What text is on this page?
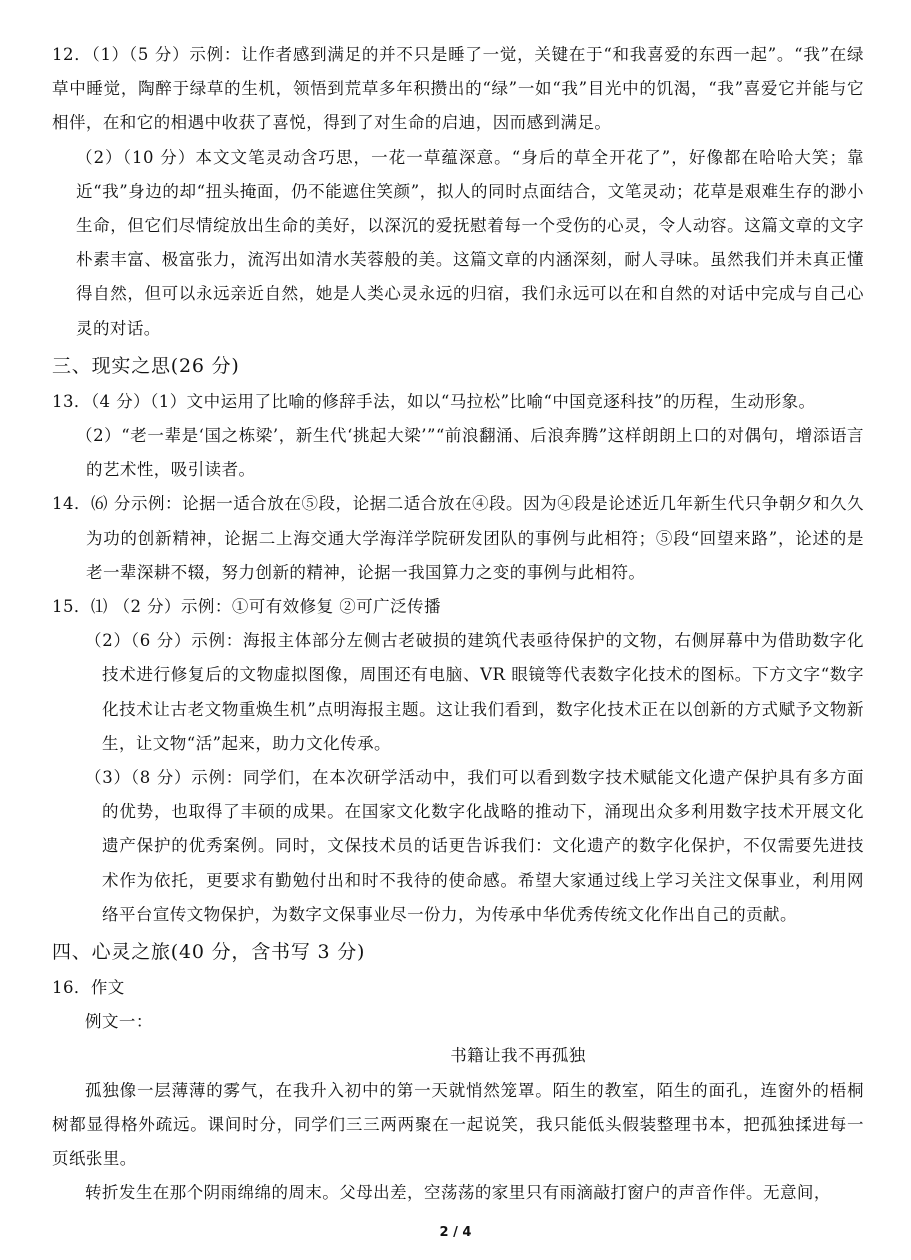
12．（1）（5 分）示例：让作者感到满足的并不只是睡了一觉，关键在于“和我喜爱的东西一起”。“我”在绿草中睡觉，陶醉于绿草的生机，领悟到荒草多年积攒出的“绿”一如“我”目光中的饥渴，“我”喜爱它并能与它相伴，在和它的相遇中收获了喜悦，得到了对生命的启迪，因而感到满足。

（2）（10 分）本文文笔灵动含巧思，一花一草蕴深意。“身后的草全开花了”，好像都在哈哈大笑；靠近“我”身边的却“扭头掩面，仍不能遮住笑颜”，拟人的同时点面结合，文笔灵动；花草是艰难生存的渺小生命，但它们尽情绽放出生命的美好，以深沉的爱抚慰着每一个受伤的心灵，令人动容。这篇文章的文字朴素丰富、极富张力，流泻出如清水芙蓉般的美。这篇文章的内涵深刻，耐人寻味。虽然我们并未真正懂得自然，但可以永远亲近自然，她是人类心灵永远的归宿，我们永远可以在和自然的对话中完成与自己心灵的对话。

三、现实之思(26 分)

13．（4 分）（1）文中运用了比喻的修辞手法，如以“马拉松”比喻“中国竞逐科技”的历程，生动形象。

（2）“老一辈是‘国之栋梁’，新生代‘挑起大梁’”“前浪翻涌、后浪奔腾”这样朗朗上口的对偶句，增添语言的艺术性，吸引读者。

14．⑹ 分示例：论据一适合放在⑤段，论据二适合放在④段。因为④段是论述近几年新生代只争朝夕和久久为功的创新精神，论据二上海交通大学海洋学院研发团队的事例与此相符；⑤段“回望来路”，论述的是老一辈深耕不辍，努力创新的精神，论据一我国算力之变的事例与此相符。

15．⑴ （2 分）示例：①可有效修复 ②可广泛传播

（2）（6 分）示例：海报主体部分左侧古老破损的建筑代表亟待保护的文物，右侧屏幕中为借助数字化技术进行修复后的文物虚拟图像，周围还有电脑、VR 眼镜等代表数字化技术的图标。下方文字“数字化技术让古老文物重焕生机”点明海报主题。这让我们看到，数字化技术正在以创新的方式赋予文物新生，让文物“活”起来，助力文化传承。

（3）（8 分）示例：同学们，在本次研学活动中，我们可以看到数字技术赋能文化遗产保护具有多方面的优势，也取得了丰硕的成果。在国家文化数字化战略的推动下，涌现出众多利用数字技术开展文化遗产保护的优秀案例。同时，文保技术员的话更告诉我们：文化遗产的数字化保护，不仅需要先进技术作为依托，更要求有勤勉付出和时不我待的使命感。希望大家通过线上学习关注文保事业，利用网络平台宣传文物保护，为数字文保事业尽一份力，为传承中华优秀传统文化作出自己的贡献。

四、心灵之旅(40 分，含书写 3 分)

16．作文

例文一：

书籍让我不再孤独

孤独像一层薄薄的雾气，在我升入初中的第一天就悄然笼罩。陌生的教室，陌生的面孔，连窗外的梧桐树都显得格外疏远。课间时分，同学们三三两两聚在一起说笑，我只能低头假装整理书本，把孤独揉进每一页纸张里。

转折发生在那个阴雨绵绵的周末。父母出差，空荡荡的家里只有雨滴敲打窗户的声音作伴。无意间，

2 / 4
